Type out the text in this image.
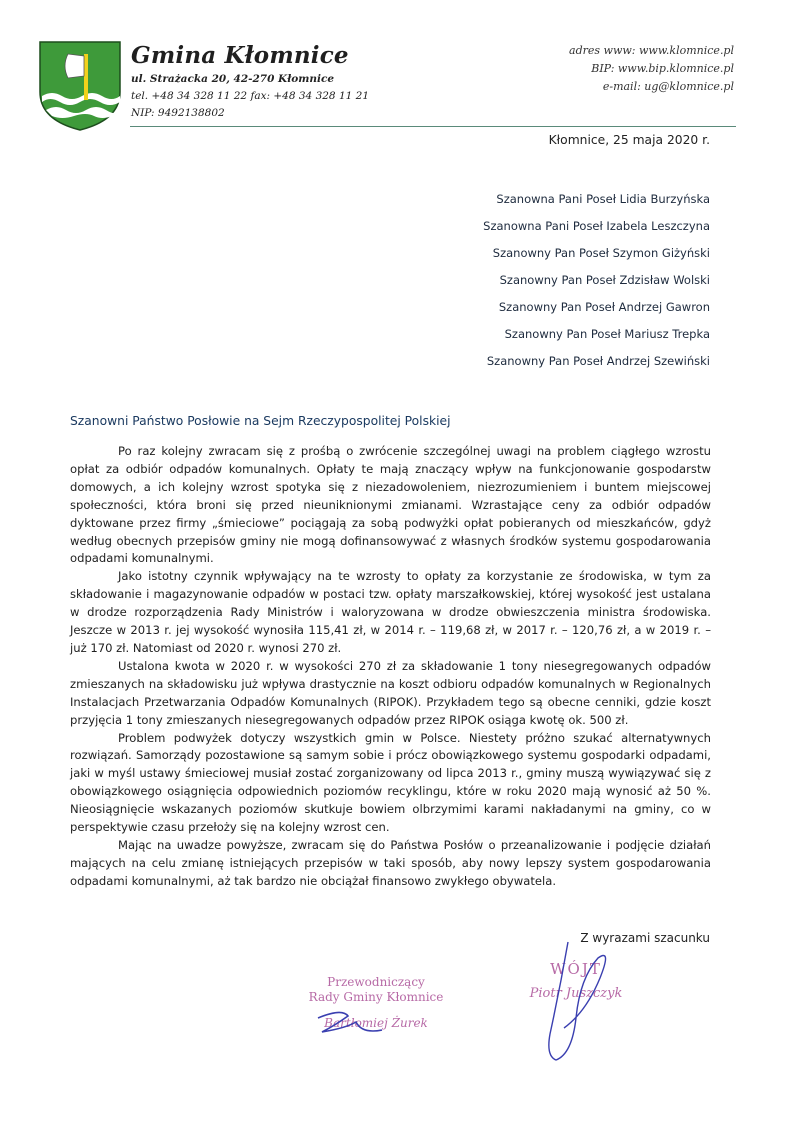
Gmina Kłomnice
ul. Strażacka 20, 42-270 Kłomnice
tel. +48 34 328 11 22 fax: +48 34 328 11 21
NIP: 9492138802
adres www: www.klomnice.pl
BIP: www.bip.klomnice.pl
e-mail: ug@klomnice.pl
Kłomnice, 25 maja 2020 r.
Szanowna Pani Poseł Lidia Burzyńska
Szanowna Pani Poseł Izabela Leszczyna
Szanowny Pan Poseł Szymon Giżyński
Szanowny Pan Poseł Zdzisław Wolski
Szanowny Pan Poseł Andrzej Gawron
Szanowny Pan Poseł Mariusz Trepka
Szanowny Pan Poseł Andrzej Szewiński
Szanowni Państwo Posłowie na Sejm Rzeczypospolitej Polskiej

Po raz kolejny zwracam się z prośbą o zwrócenie szczególnej uwagi na problem ciągłego wzrostu opłat za odbiór odpadów komunalnych. Opłaty te mają znaczący wpływ na funkcjonowanie gospodarstw domowych, a ich kolejny wzrost spotyka się z niezadowoleniem, niezrozumieniem i buntem miejscowej społeczności, która broni się przed nieuniknionymi zmianami. Wzrastające ceny za odbiór odpadów dyktowane przez firmy „śmieciowe” pociągają za sobą podwyżki opłat pobieranych od mieszkańców, gdyż według obecnych przepisów gminy nie mogą dofinansowywać z własnych środków systemu gospodarowania odpadami komunalnymi.

Jako istotny czynnik wpływający na te wzrosty to opłaty za korzystanie ze środowiska, w tym za składowanie i magazynowanie odpadów w postaci tzw. opłaty marszałkowskiej, której wysokość jest ustalana w drodze rozporządzenia Rady Ministrów i waloryzowana w drodze obwieszczenia ministra środowiska. Jeszcze w 2013 r. jej wysokość wynosiła 115,41 zł, w 2014 r. – 119,68 zł, w 2017 r. – 120,76 zł, a w 2019 r. – już 170 zł. Natomiast od 2020 r. wynosi 270 zł.

Ustalona kwota w 2020 r. w wysokości 270 zł za składowanie 1 tony niesegregowanych odpadów zmieszanych na składowisku już wpływa drastycznie na koszt odbioru odpadów komunalnych w Regionalnych Instalacjach Przetwarzania Odpadów Komunalnych (RIPOK). Przykładem tego są obecne cenniki, gdzie koszt przyjęcia 1 tony zmieszanych niesegregowanych odpadów przez RIPOK osiąga kwotę ok. 500 zł.

Problem podwyżek dotyczy wszystkich gmin w Polsce. Niestety próżno szukać alternatywnych rozwiązań. Samorządy pozostawione są samym sobie i prócz obowiązkowego systemu gospodarki odpadami, jaki w myśl ustawy śmieciowej musiał zostać zorganizowany od lipca 2013 r., gminy muszą wywiązywać się z obowiązkowego osiągnięcia odpowiednich poziomów recyklingu, które w roku 2020 mają wynosić aż 50 %. Nieosiągnięcie wskazanych poziomów skutkuje bowiem olbrzymimi karami nakładanymi na gminy, co w perspektywie czasu przełoży się na kolejny wzrost cen.

Mając na uwadze powyższe, zwracam się do Państwa Posłów o przeanalizowanie i podjęcie działań mających na celu zmianę istniejących przepisów w taki sposób, aby nowy lepszy system gospodarowania odpadami komunalnymi, aż tak bardzo nie obciążał finansowo zwykłego obywatela.

Z wyrazami szacunku
Przewodniczący
Rady Gminy Kłomnice
Bartłomiej Żurek
WÓJT
Piotr Juszczyk
